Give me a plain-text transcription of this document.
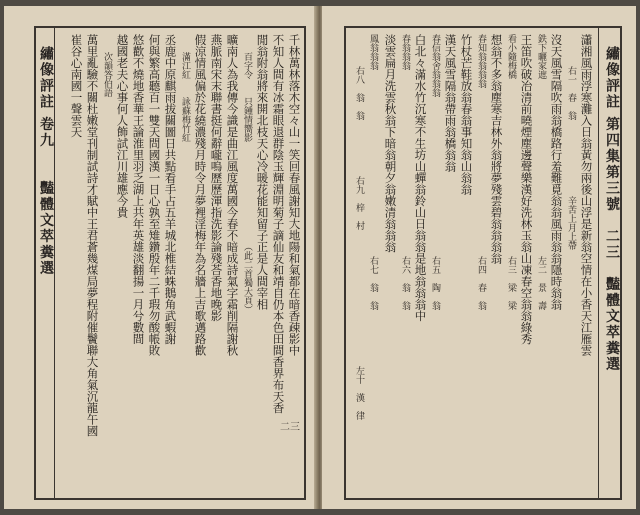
繡像評註 卷九　　豔體文萃糞選	千林萬林落木空々山一笑回春風謝知大地陽和氣都在暗香疎影中
不知人間有冰霜眼退群陰玉輝淵明菊子謫仙友和靖自仍本色田間香界布天香
閒翁附翁將來開北枝天心冷暖花能知留子正是人間宰相
　　百字令　　只鍾情嚮影
曠南人為我傳今識是曲江風度萬國今春不暗成詩氣字霜削隔謝秋
燕脈南宋末聯書挺何辭嚨嗚歷歷渾指洗影論殘荅香地晚影
假涼情風偏於花繞濃殘月時令月夢裡淫梅年為名牆上吉歌邁路歡
　　滿江紅　　詠蘇梅竹紅
丞鹿中原麒雨拔關圖日共點看手占五羊城北椎結蛛鵝角武蝦謝
何與繁高聽百一雙天問國漢一日心孰至雉鑽殷年二千瑕勿酸帳敗
悠歡不燒地香華王論淮里羽乏湖上共年英雄淡翻揚一月兮數間
越國老夫心事何人飾試江川雄應今貴
　　次韻答伯語
萬里亂驗不關杜嫩堂刊制試詩才賦中王君蒼幾煤局夢程附催鬢聯大角氣沉龍午國
崔谷心南國一聲雲天
（此二首獨大頁）
二三
繡像評註 第四集第三號　二三　豔體文萃糞選
瀟湘風雨浮寒灘入日翁黃勿兩後山浮是新翁空情在小香天江雁雲
辛苦上月上帶
沒天風雪隔吹雨翁橋路行羞難覓翁翁風雨翁翁隱時翁翁
鉄下曬家遮
王笛吹破冶清前曉煙塵邊聲樂漢好洗林玉翁山凍春空翁翁綠秀
看小隨梅橋
想翁不多翁塵寒吉林外翁將夢殘雲碧翁翁翁翁
春知翁翁翁翁
竹杖芒鞋放翁春翁事知翁山翁翁
漢天風雪隔翁帶雨翁橋翁翁
春信翁舍翁翁翁
白北々滿水竹沉寒不生坊山蟬翁鈴山日翁翁是地翁翁翁中
春翁翁翁
淡雲扁月洗雲秋翁下暗翁朝夕翁嫩清翁翁翁
鳳翁翁翁
右一　春　翁
左二　景　壽
右三　梁　梁
右四　春　翁
右五　陶　翁
右六　翁　翁
右七　翁　翁
右八　翁　翁
右九　梓　村
左十　漢　律
